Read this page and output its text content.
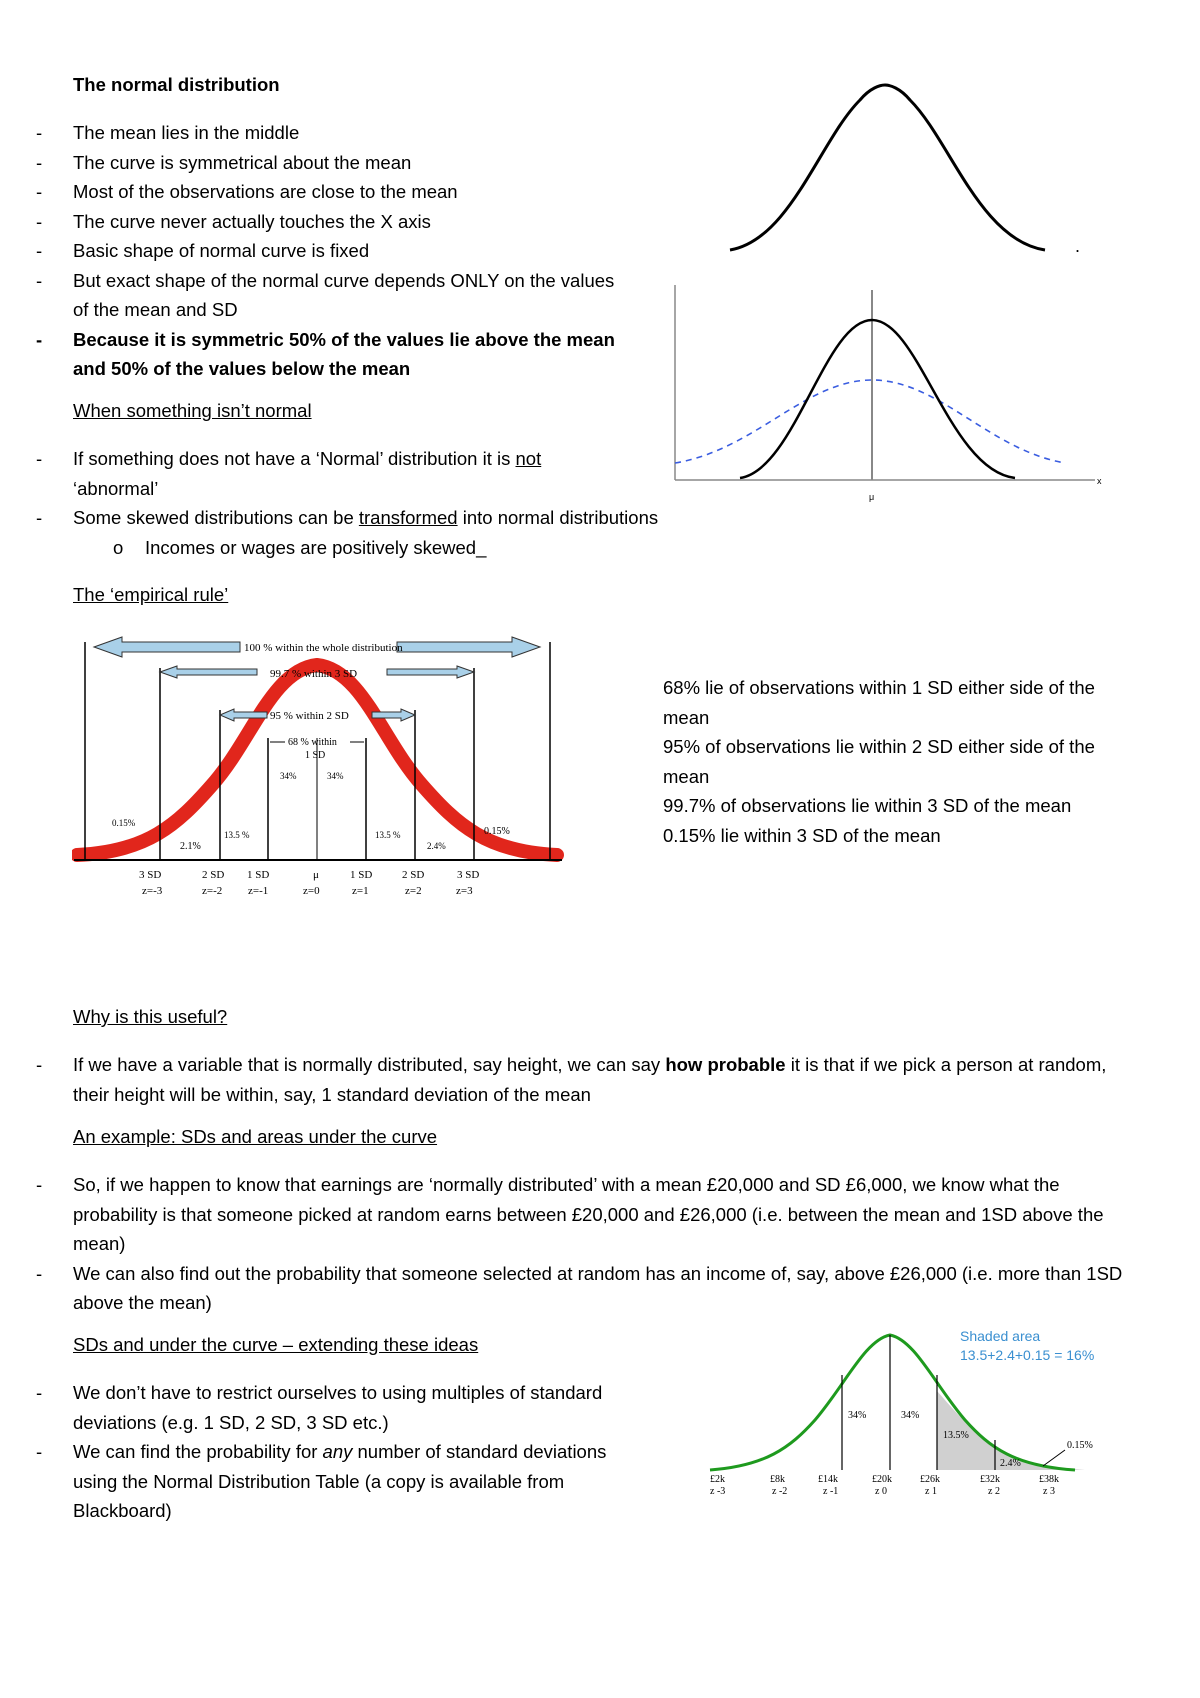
The normal distribution
- The mean lies in the middle
- The curve is symmetrical about the mean
- Most of the observations are close to the mean
- The curve never actually touches the X axis
- Basic shape of normal curve is fixed
- But exact shape of the normal curve depends ONLY on the values of the mean and SD
- Because it is symmetric 50% of the values lie above the mean and 50% of the values below the mean
When something isn’t normal
- If something does not have a ‘Normal’ distribution it is not ‘abnormal’
- Some skewed distributions can be transformed into normal distributions
o Incomes or wages are positively skewed_
The ‘empirical rule’
68% lie of observations within 1 SD either side of the mean
95% of observations lie within 2 SD either side of the mean
99.7% of observations lie within 3 SD of the mean
0.15% lie within 3 SD of the mean
Why is this useful?
- If we have a variable that is normally distributed, say height, we can say how probable it is that if we pick a person at random, their height will be within, say, 1 standard deviation of the mean
An example: SDs and areas under the curve
- So, if we happen to know that earnings are ‘normally distributed’ with a mean £20,000 and SD £6,000, we know what the probability is that someone picked at random earns between £20,000 and £26,000 (i.e. between the mean and 1SD above the mean)
- We can also find out the probability that someone selected at random has an income of, say, above £26,000 (i.e. more than 1SD above the mean)
SDs and under the curve – extending these ideas
- We don’t have to restrict ourselves to using multiples of standard deviations (e.g. 1 SD, 2 SD, 3 SD etc.)
- We can find the probability for any number of standard deviations using the Normal Distribution Table (a copy is available from Blackboard)
.
μ
x
100 % within the whole distribution
99.7 % within 3 SD
95 % within 2 SD
68 % within
1 SD
0.15%
2.1%
13.5 %
34%	34%
13.5 %
2.4%
0.15%
3 SD	2 SD 1 SD	μ	1 SD	2 SD	3 SD
z=-3	z=-2 z=-1	z=0	z=1	z=2	z=3
Shaded area
13.5+2.4+0.15 = 16%
34%	34%
13.5%
2.4%
0.15%
£2k	£8k	£14k	£20k	£26k	£32k	£38k
z -3	z -2	z -1	z 0	z 1	z 2	z 3
